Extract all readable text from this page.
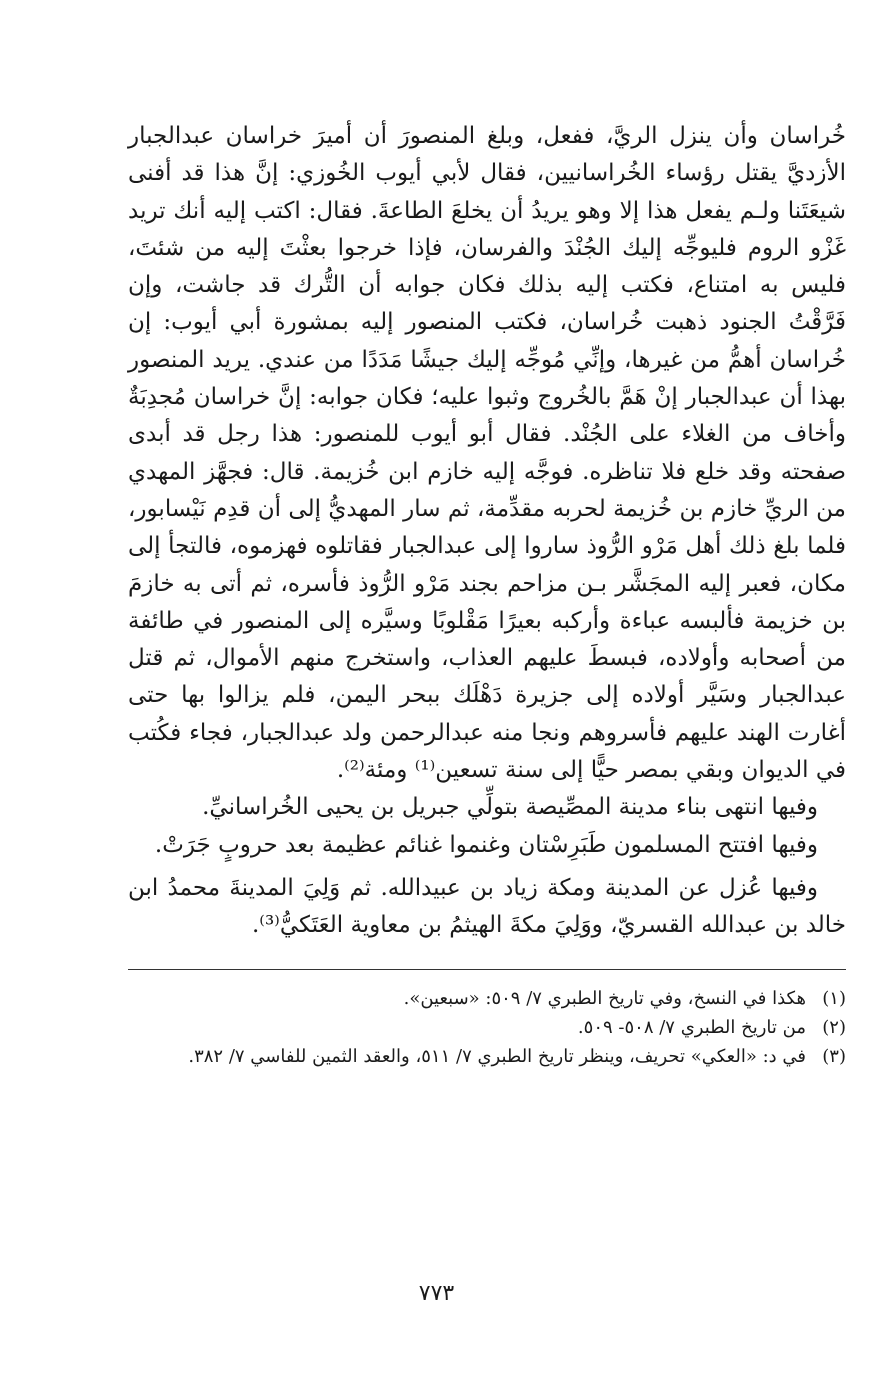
خُراسان وأن ينزل الريَّ، ففعل، وبلغ المنصورَ أن أميرَ خراسان عبدالجبار الأزديَّ يقتل رؤساء الخُراسانيين، فقال لأبي أيوب الخُوزي: إنَّ هذا قد أفنى شيعَتَنا ولـم يفعل هذا إلا وهو يريدُ أن يخلعَ الطاعةَ. فقال: اكتب إليه أنك تريد غَزْو الروم فليوجِّه إليك الجُنْدَ والفرسان، فإذا خرجوا بعثْتَ إليه من شئتَ، فليس به امتناع، فكتب إليه بذلك فكان جوابه أن التُّرك قد جاشت، وإن فَرَّقْتُ الجنود ذهبت خُراسان، فكتب المنصور إليه بمشورة أبي أيوب: إن خُراسان أهمُّ من غيرها، وإنِّي مُوجِّه إليك جيشًا مَدَدًا من عندي. يريد المنصور بهذا أن عبدالجبار إنْ هَمَّ بالخُروج وثبوا عليه؛ فكان جوابه: إنَّ خراسان مُجدِبَةٌ وأخاف من الغلاء على الجُنْد. فقال أبو أيوب للمنصور: هذا رجل قد أبدى صفحته وقد خلع فلا تناظره. فوجَّه إليه خازم ابن خُزيمة. قال: فجهَّز المهدي من الريِّ خازم بن خُزيمة لحربه مقدِّمة، ثم سار المهديُّ إلى أن قدِم نَيْسابور، فلما بلغ ذلك أهل مَرْو الرُّوذ ساروا إلى عبدالجبار فقاتلوه فهزموه، فالتجأ إلى مكان، فعبر إليه المجَشَّر بـن مزاحم بجند مَرْو الرُّوذ فأسره، ثم أتى به خازمَ بن خزيمة فألبسه عباءة وأركبه بعيرًا مَقْلوبًا وسيَّره إلى المنصور في طائفة من أصحابه وأولاده، فبسطَ عليهم العذاب، واستخرج منهم الأموال، ثم قتل عبدالجبار وسَيَّر أولاده إلى جزيرة دَهْلَك ببحر اليمن، فلم يزالوا بها حتى أغارت الهند عليهم فأسروهم ونجا منه عبدالرحمن ولد عبدالجبار، فجاء فكُتب في الديوان وبقي بمصر حيًّا إلى سنة تسعين⁽¹⁾ ومئة⁽²⁾.

وفيها انتهى بناء مدينة المصِّيصة بتولِّي جبريل بن يحيى الخُراسانيِّ.

وفيها افتتح المسلمون طَبَرِسْتان وغنموا غنائم عظيمة بعد حروبٍ جَرَتْ.

وفيها عُزل عن المدينة ومكة زياد بن عبيدالله. ثم وَلِيَ المدينةَ محمدُ ابن خالد بن عبدالله القسريّ، ووَلِيَ مكةَ الهيثمُ بن معاوية العَتَكيُّ⁽³⁾.

(١)
هكذا في النسخ، وفي تاريخ الطبري ٧/ ٥٠٩: «سبعين».
(٢)
من تاريخ الطبري ٧/ ٥٠٨- ٥٠٩.
(٣)
في د: «العكي» تحريف، وينظر تاريخ الطبري ٧/ ٥١١، والعقد الثمين للفاسي ٧/ ٣٨٢.
٧٧٣
